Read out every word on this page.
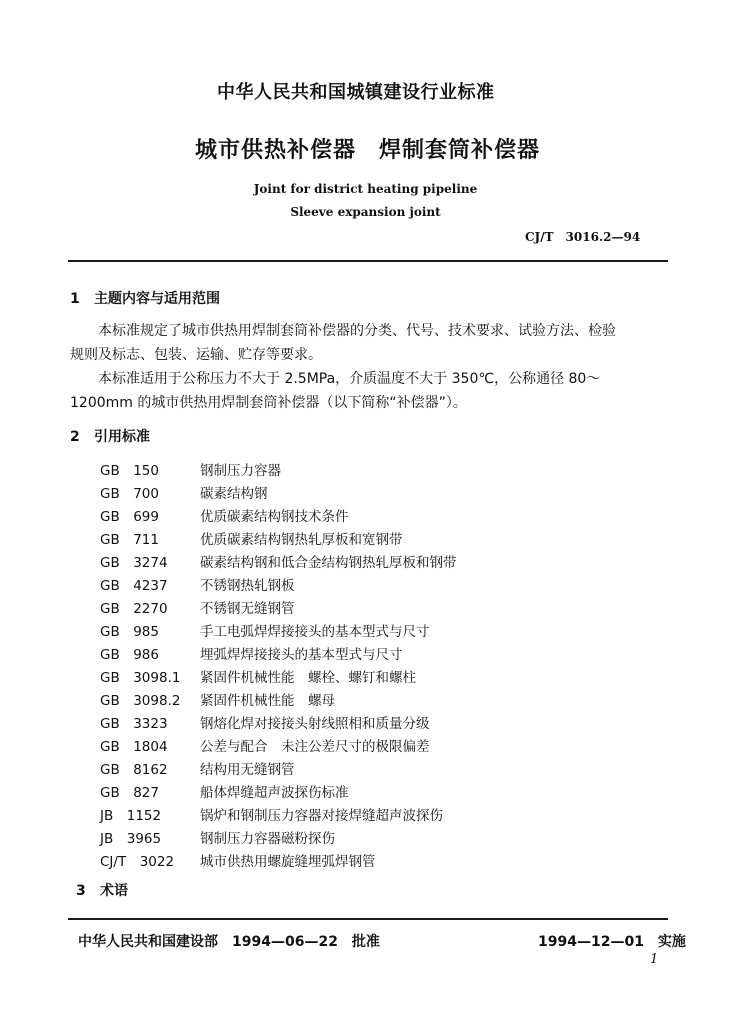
中华人民共和国城镇建设行业标准
城市供热补偿器　焊制套筒补偿器
Joint for district heating pipeline
Sleeve expansion joint
CJ/T　3016.2—94
1 主题内容与适用范围
本标准规定了城市供热用焊制套筒补偿器的分类、代号、技术要求、试验方法、检验
规则及标志、包装、运输、贮存等要求。
本标准适用于公称压力不大于 2.5MPa，介质温度不大于 350℃，公称通径 80～
1200mm 的城市供热用焊制套筒补偿器（以下简称“补偿器”）。
2 引用标准
GB　150	钢制压力容器
GB　700	碳素结构钢
GB　699	优质碳素结构钢技术条件
GB　711	优质碳素结构钢热轧厚板和宽钢带
GB　3274 碳素结构钢和低合金结构钢热轧厚板和钢带
GB　4237 不锈钢热轧钢板
GB　2270 不锈钢无缝钢管
GB　985	手工电弧焊焊接接头的基本型式与尺寸
GB　986	埋弧焊焊接接头的基本型式与尺寸
GB　3098.1 紧固件机械性能　螺栓、螺钉和螺柱
GB　3098.2 紧固件机械性能　螺母
GB　3323 钢熔化焊对接接头射线照相和质量分级
GB　1804 公差与配合　未注公差尺寸的极限偏差
GB　8162 结构用无缝钢管
GB　827	船体焊缝超声波探伤标准
JB　1152	锅炉和钢制压力容器对接焊缝超声波探伤
JB　3965	钢制压力容器磁粉探伤
CJ/T　3022 城市供热用螺旋缝埋弧焊钢管
3 术语
中华人民共和国建设部　1994—06—22　批准	1994—12—01　实施
1
